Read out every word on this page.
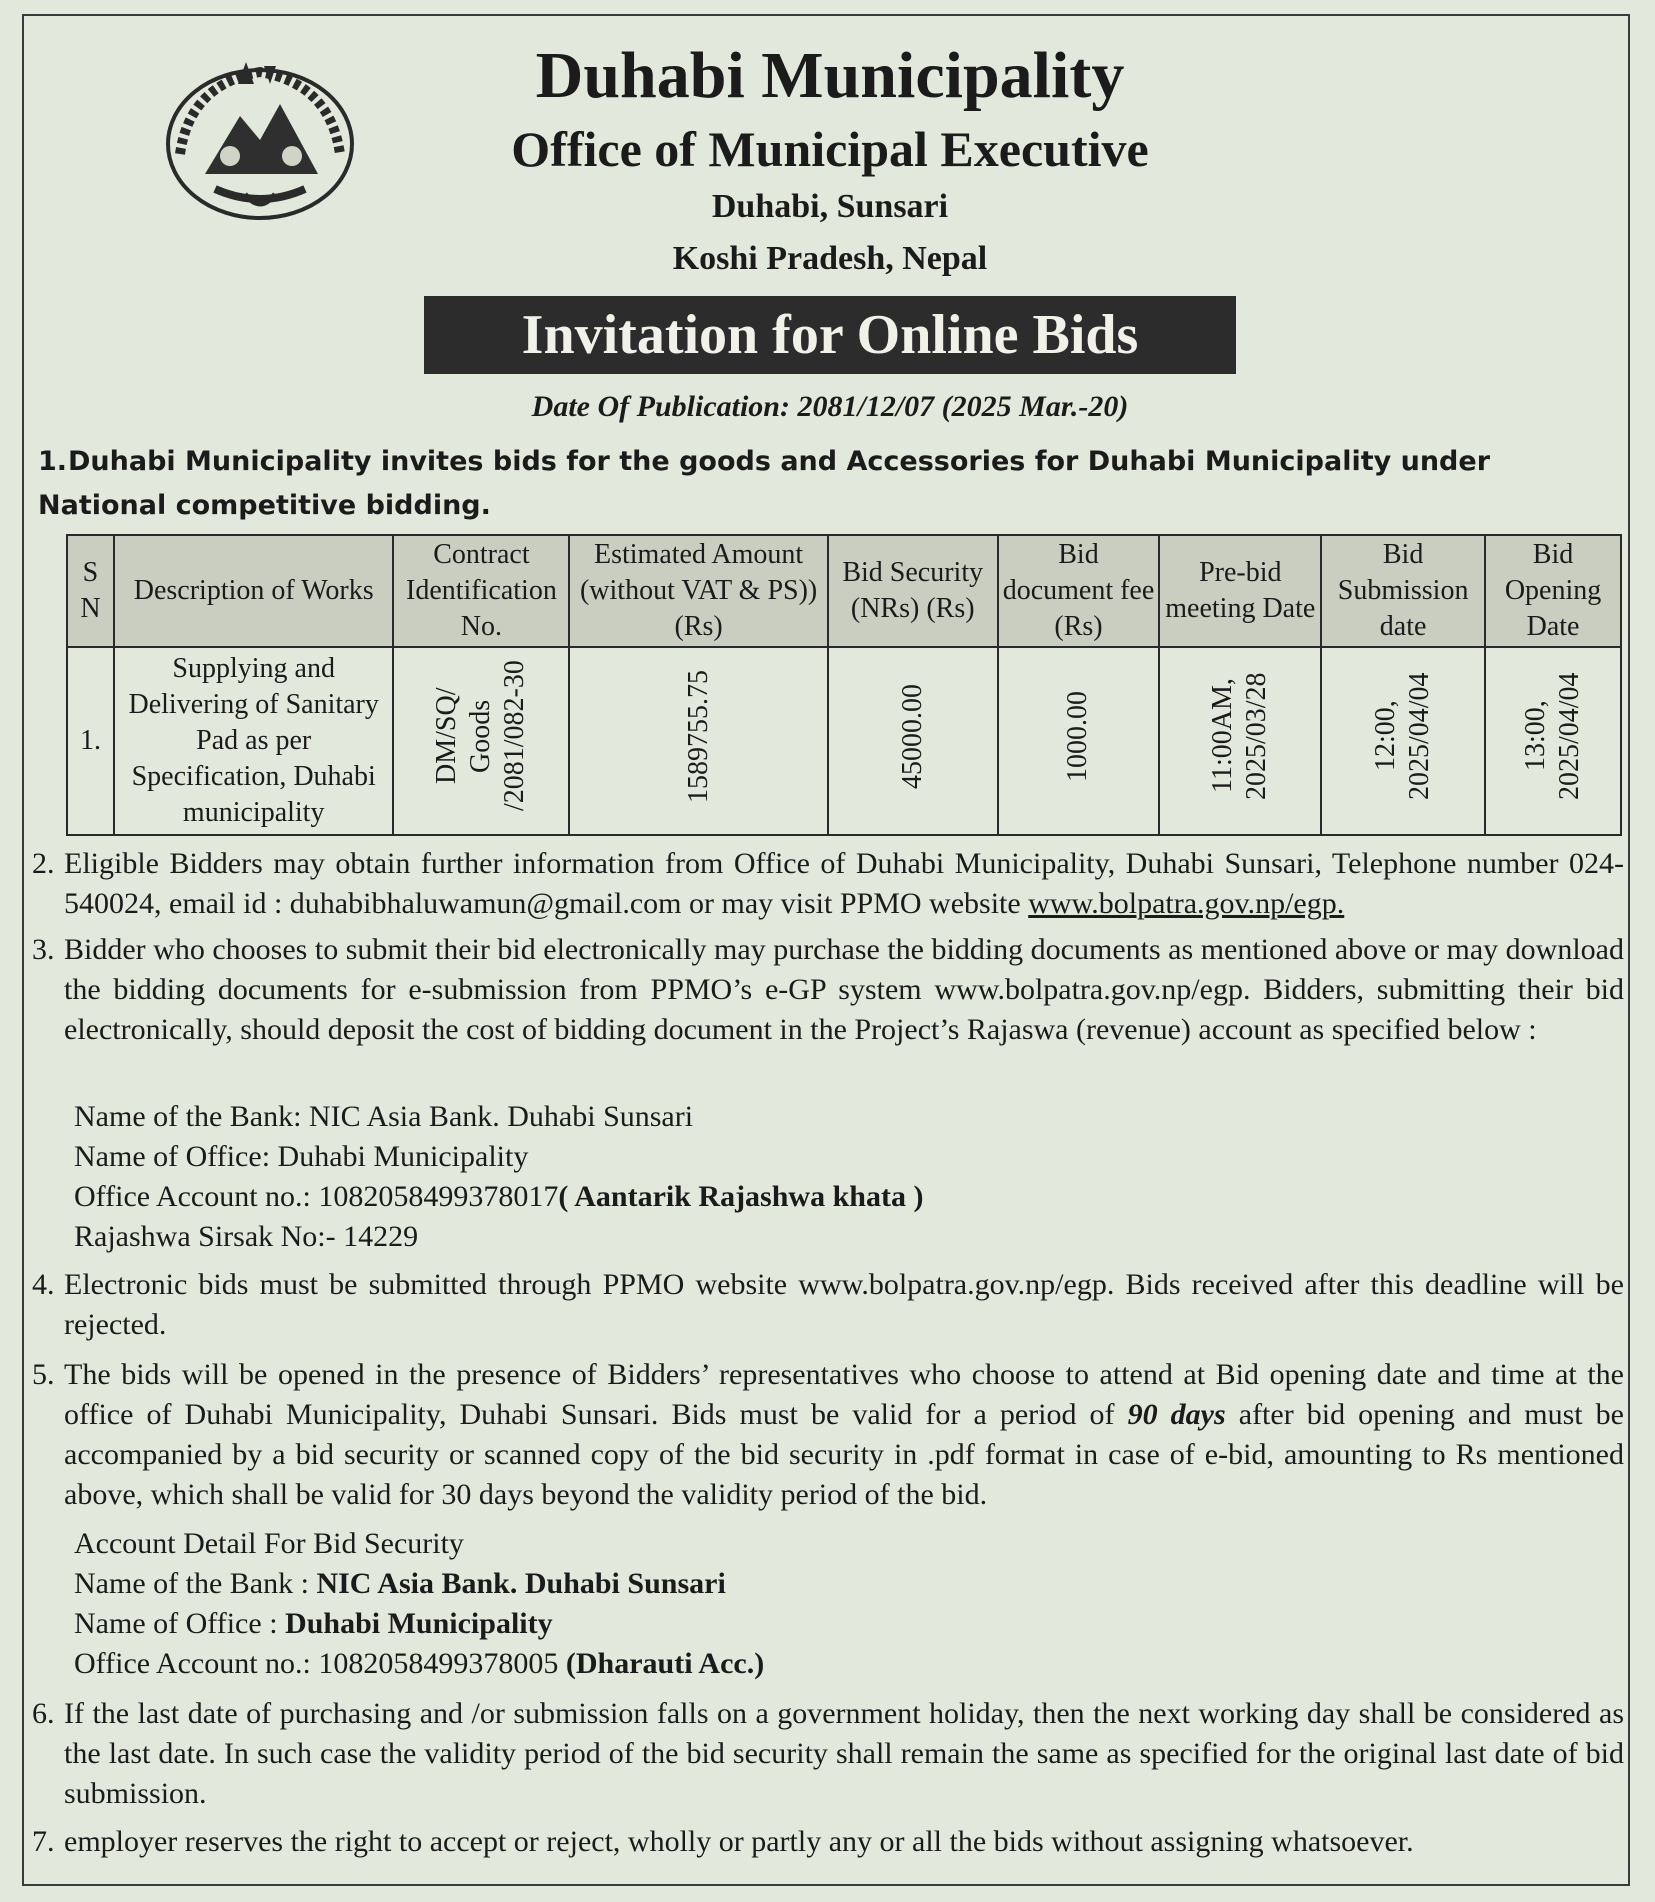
Duhabi Municipality
Office of Municipal Executive
Duhabi, Sunsari
Koshi Pradesh, Nepal
Invitation for Online Bids
Date Of Publication: 2081/12/07 (2025 Mar.-20)
1.Duhabi Municipality invites bids for the goods and Accessories for Duhabi Municipality under National competitive bidding.
S N	Description of Works	Contract Identification No.	Estimated Amount (without VAT & PS)) (Rs)	Bid Security (NRs) (Rs)	Bid document fee (Rs)	Pre-bid meeting Date	Bid Submission date	Bid Opening Date
1.	Supplying and Delivering of Sanitary Pad as per Specification, Duhabi municipality	DM/SQ/ Goods /2081/082-30	1589755.75	45000.00	1000.00	11:00AM, 2025/03/28	12:00, 2025/04/04	13:00, 2025/04/04
2. Eligible Bidders may obtain further information from Office of Duhabi Municipality, Duhabi Sunsari, Telephone number 024-540024, email id : duhabibhaluwamun@gmail.com or may visit PPMO website www.bolpatra.gov.np/egp.
3. Bidder who chooses to submit their bid electronically may purchase the bidding documents as mentioned above or may download the bidding documents for e-submission from PPMO’s e-GP system www.bolpatra.gov.np/egp. Bidders, submitting their bid electronically, should deposit the cost of bidding document in the Project’s Rajaswa (revenue) account as specified below :
Name of the Bank: NIC Asia Bank. Duhabi Sunsari
Name of Office: Duhabi Municipality
Office Account no.: 1082058499378017( Aantarik Rajashwa khata )
Rajashwa Sirsak No:- 14229
4. Electronic bids must be submitted through PPMO website www.bolpatra.gov.np/egp. Bids received after this deadline will be rejected.
5. The bids will be opened in the presence of Bidders’ representatives who choose to attend at Bid opening date and time at the office of Duhabi Municipality, Duhabi Sunsari. Bids must be valid for a period of 90 days after bid opening and must be accompanied by a bid security or scanned copy of the bid security in .pdf format in case of e-bid, amounting to Rs mentioned above, which shall be valid for 30 days beyond the validity period of the bid.
Account Detail For Bid Security
Name of the Bank : NIC Asia Bank. Duhabi Sunsari
Name of Office : Duhabi Municipality
Office Account no.: 1082058499378005 (Dharauti Acc.)
6. If the last date of purchasing and /or submission falls on a government holiday, then the next working day shall be considered as the last date. In such case the validity period of the bid security shall remain the same as specified for the original last date of bid submission.
7. employer reserves the right to accept or reject, wholly or partly any or all the bids without assigning whatsoever.
